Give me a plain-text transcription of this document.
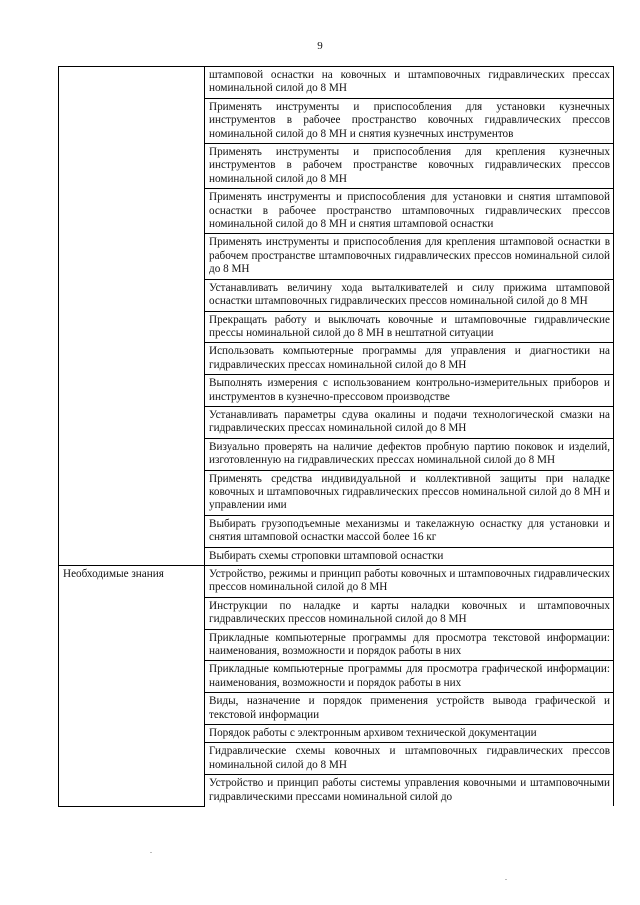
9
	штамповой оснастки на ковочных и штамповочных гидравлических прессах номинальной силой до 8 МН
	Применять инструменты и приспособления для установки кузнечных инструментов в рабочее пространство ковочных гидравлических прессов номинальной силой до 8 МН и снятия кузнечных инструментов
	Применять инструменты и приспособления для крепления кузнечных инструментов в рабочем пространстве ковочных гидравлических прессов номинальной силой до 8 МН
	Применять инструменты и приспособления для установки и снятия штамповой оснастки в рабочее пространство штамповочных гидравлических прессов номинальной силой до 8 МН и снятия штамповой оснастки
	Применять инструменты и приспособления для крепления штамповой оснастки в рабочем пространстве штамповочных гидравлических прессов номинальной силой до 8 МН
	Устанавливать величину хода выталкивателей и силу прижима штамповой оснастки штамповочных гидравлических прессов номинальной силой до 8 МН
	Прекращать работу и выключать ковочные и штамповочные гидравлические прессы номинальной силой до 8 МН в нештатной ситуации
	Использовать компьютерные программы для управления и диагностики на гидравлических прессах номинальной силой до 8 МН
	Выполнять измерения с использованием контрольно-измерительных приборов и инструментов в кузнечно-прессовом производстве
	Устанавливать параметры сдува окалины и подачи технологической смазки на гидравлических прессах номинальной силой до 8 МН
	Визуально проверять на наличие дефектов пробную партию поковок и изделий, изготовленную на гидравлических прессах номинальной силой до 8 МН
	Применять средства индивидуальной и коллективной защиты при наладке ковочных и штамповочных гидравлических прессов номинальной силой до 8 МН и управлении ими
	Выбирать грузоподъемные механизмы и такелажную оснастку для установки и снятия штамповой оснастки массой более 16 кг
	Выбирать схемы строповки штамповой оснастки

Необходимые знания	Устройство, режимы и принцип работы ковочных и штамповочных гидравлических прессов номинальной силой до 8 МН
	Инструкции по наладке и карты наладки ковочных и штамповочных гидравлических прессов номинальной силой до 8 МН
	Прикладные компьютерные программы для просмотра текстовой информации: наименования, возможности и порядок работы в них
	Прикладные компьютерные программы для просмотра графической информации: наименования, возможности и порядок работы в них
	Виды, назначение и порядок применения устройств вывода графической и текстовой информации
	Порядок работы с электронным архивом технической документации
	Гидравлические схемы ковочных и штамповочных гидравлических прессов номинальной силой до 8 МН
	Устройство и принцип работы системы управления ковочными и штамповочными гидравлическими прессами номинальной силой до
